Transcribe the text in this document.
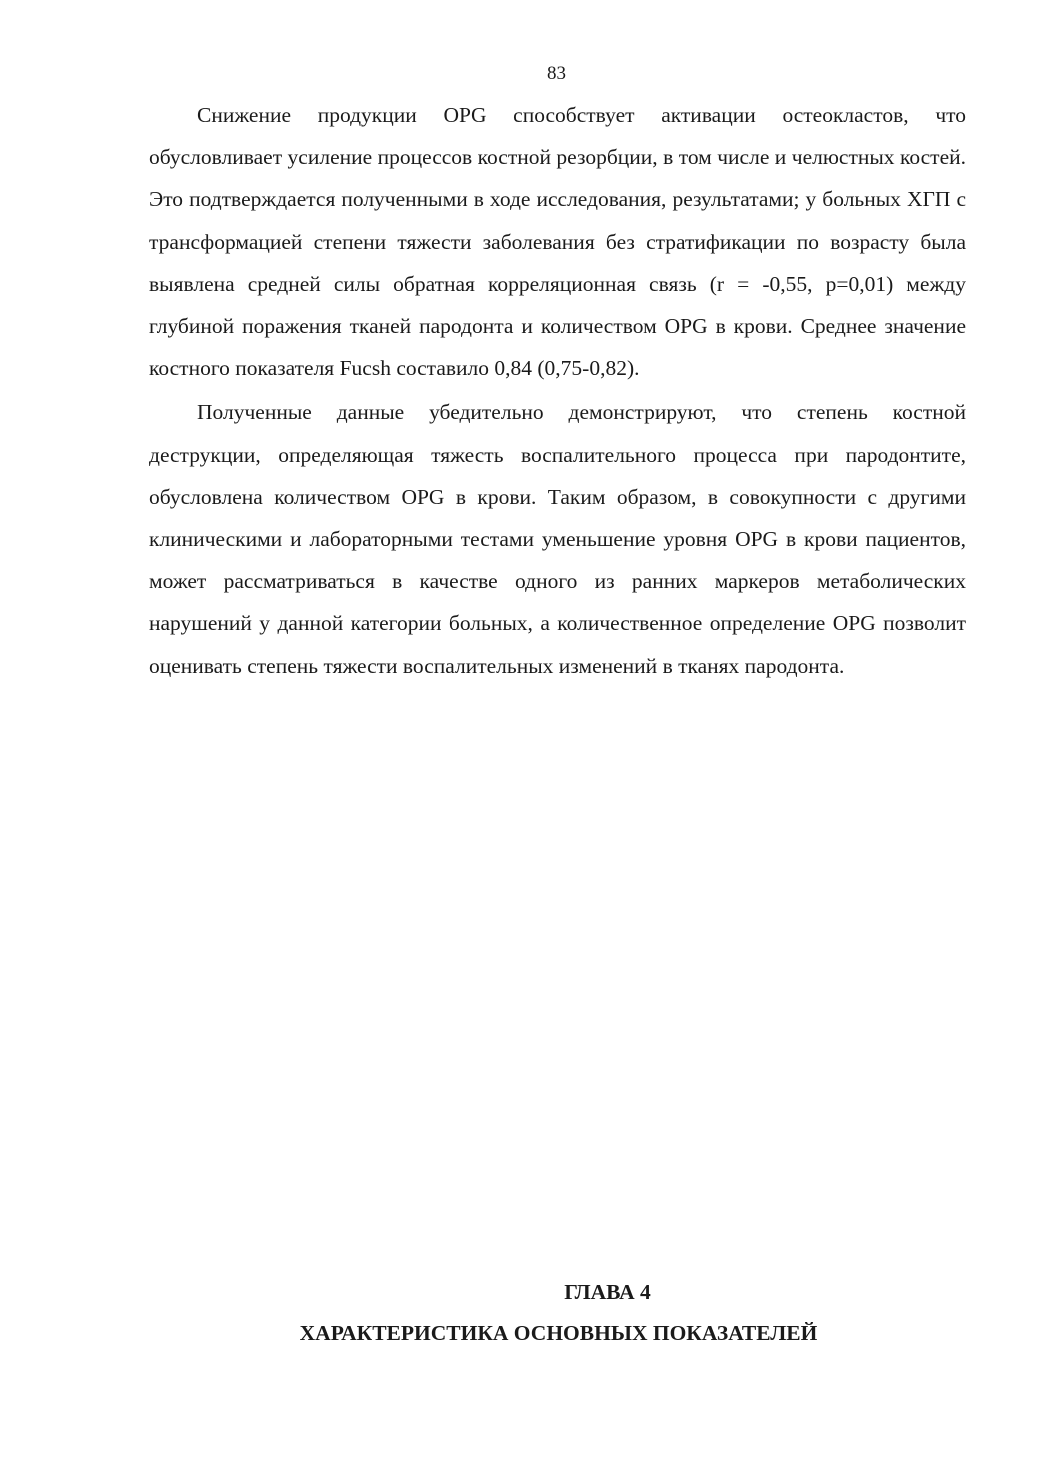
83

Снижение продукции OPG способствует активации остеокластов, что обусловливает усиление процессов костной резорбции, в том числе и челюстных костей. Это подтверждается полученными в ходе исследования, результатами; у больных ХГП с трансформацией степени тяжести заболевания без стратификации по возрасту была выявлена средней силы обратная корреляционная связь (r = -0,55, p=0,01) между глубиной поражения тканей пародонта и количеством OPG в крови. Среднее значение костного показателя Fucsh составило 0,84 (0,75-0,82).

Полученные данные убедительно демонстрируют, что степень костной деструкции, определяющая тяжесть воспалительного процесса при пародонтите, обусловлена количеством OPG в крови. Таким образом, в совокупности с другими клиническими и лабораторными тестами уменьшение уровня OPG в крови пациентов, может рассматриваться в качестве одного из ранних маркеров метаболических нарушений у данной категории больных, а количественное определение OPG позволит оценивать степень тяжести воспалительных изменений в тканях пародонта.

ГЛАВА 4
ХАРАКТЕРИСТИКА ОСНОВНЫХ ПОКАЗАТЕЛЕЙ
